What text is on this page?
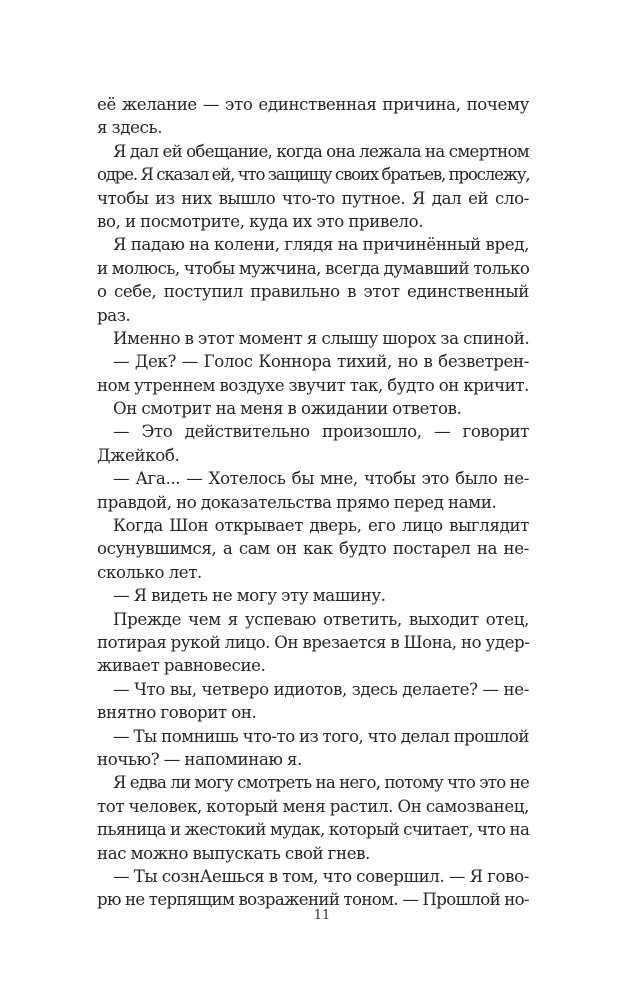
её желание — это единственная причина, почему
я здесь.
Я дал ей обещание, когда она лежала на смертном
одре. Я сказал ей, что защищу своих братьев, прослежу,
чтобы из них вышло что-то путное. Я дал ей сло-
во, и посмотрите, куда их это привело.
Я падаю на колени, глядя на причинённый вред,
и молюсь, чтобы мужчина, всегда думавший только
о себе, поступил правильно в этот единственный
раз.
Именно в этот момент я слышу шорох за спиной.
— Дек? — Голос Коннора тихий, но в безветрен-
ном утреннем воздухе звучит так, будто он кричит.
Он смотрит на меня в ожидании ответов.
— Это действительно произошло, — говорит
Джейкоб.
— Ага... — Хотелось бы мне, чтобы это было не-
правдой, но доказательства прямо перед нами.
Когда Шон открывает дверь, его лицо выглядит
осунувшимся, а сам он как будто постарел на не-
сколько лет.
— Я видеть не могу эту машину.
Прежде чем я успеваю ответить, выходит отец,
потирая рукой лицо. Он врезается в Шона, но удер-
живает равновесие.
— Что вы, четверо идиотов, здесь делаете? — не-
внятно говорит он.
— Ты помнишь что-то из того, что делал прошлой
ночью? — напоминаю я.
Я едва ли могу смотреть на него, потому что это не
тот человек, который меня растил. Он самозванец,
пьяница и жестокий мудак, который считает, что на
нас можно выпускать свой гнев.
— Ты сознАешься в том, что совершил. — Я гово-
рю не терпящим возражений тоном. — Прошлой но-
11
